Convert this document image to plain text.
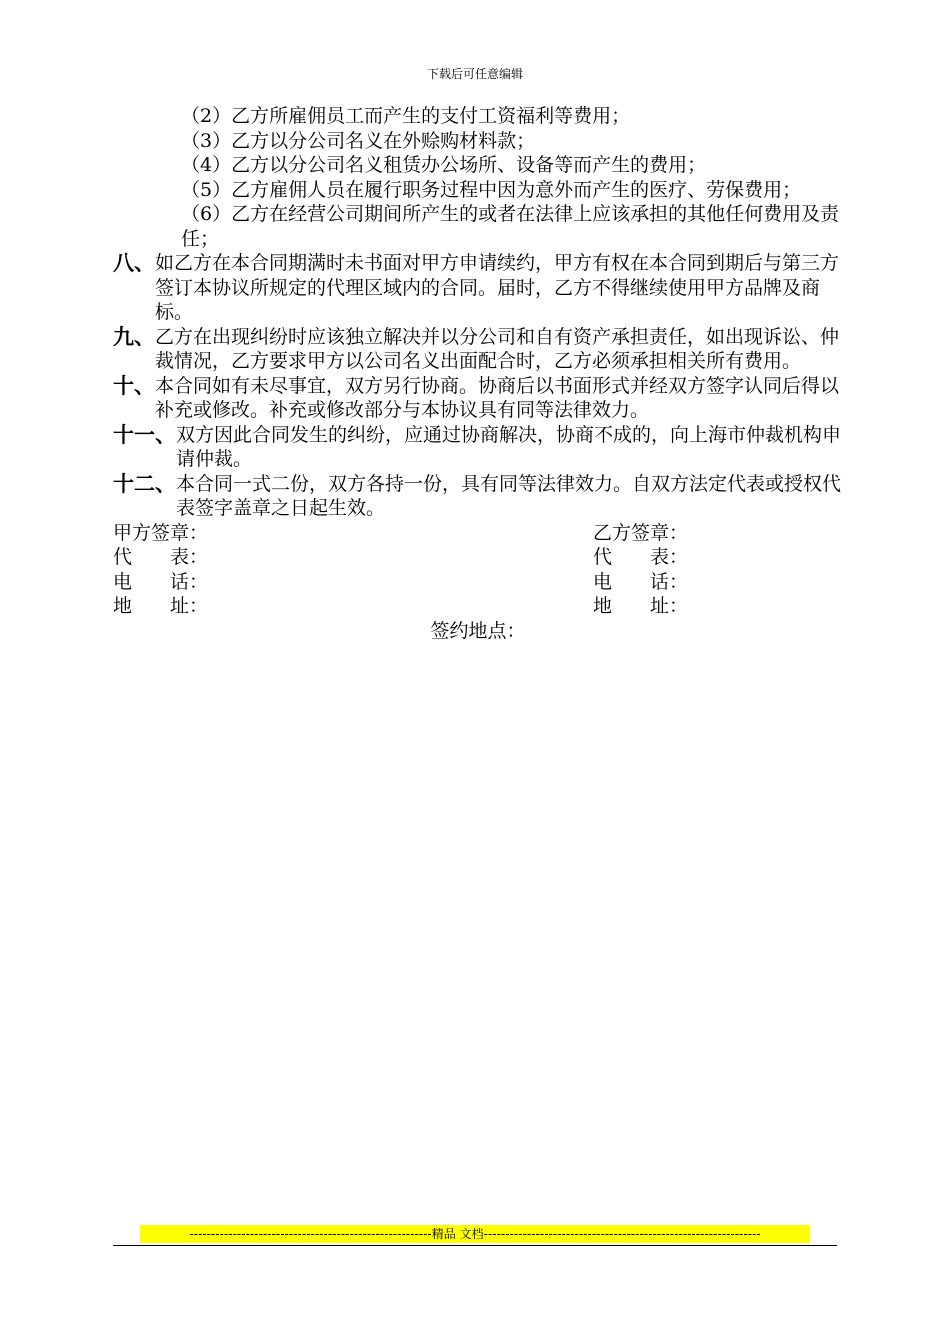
下载后可任意编辑
（2）乙方所雇佣员工而产生的支付工资福利等费用；
（3）乙方以分公司名义在外赊购材料款；
（4）乙方以分公司名义租赁办公场所、设备等而产生的费用；
（5）乙方雇佣人员在履行职务过程中因为意外而产生的医疗、劳保费用；
（6）乙方在经营公司期间所产生的或者在法律上应该承担的其他任何费用及责任；
八、 如乙方在本合同期满时未书面对甲方申请续约，甲方有权在本合同到期后与第三方签订本协议所规定的代理区域内的合同。届时，乙方不得继续使用甲方品牌及商标。
九、 乙方在出现纠纷时应该独立解决并以分公司和自有资产承担责任，如出现诉讼、仲裁情况，乙方要求甲方以公司名义出面配合时，乙方必须承担相关所有费用。
十、 本合同如有未尽事宜，双方另行协商。协商后以书面形式并经双方签字认同后得以补充或修改。补充或修改部分与本协议具有同等法律效力。
十一、 双方因此合同发生的纠纷，应通过协商解决，协商不成的，向上海市仲裁机构申请仲裁。
十二、 本合同一式二份，双方各持一份，具有同等法律效力。自双方法定代表或授权代表签字盖章之日起生效。
甲方签章：	乙方签章：
代　　表：	代　　表：
电　　话：	电　　话：
地　　址：	地　　址：
签约地点：
--------------------------------------------------------精品 文档----------------------------------------------------------------
